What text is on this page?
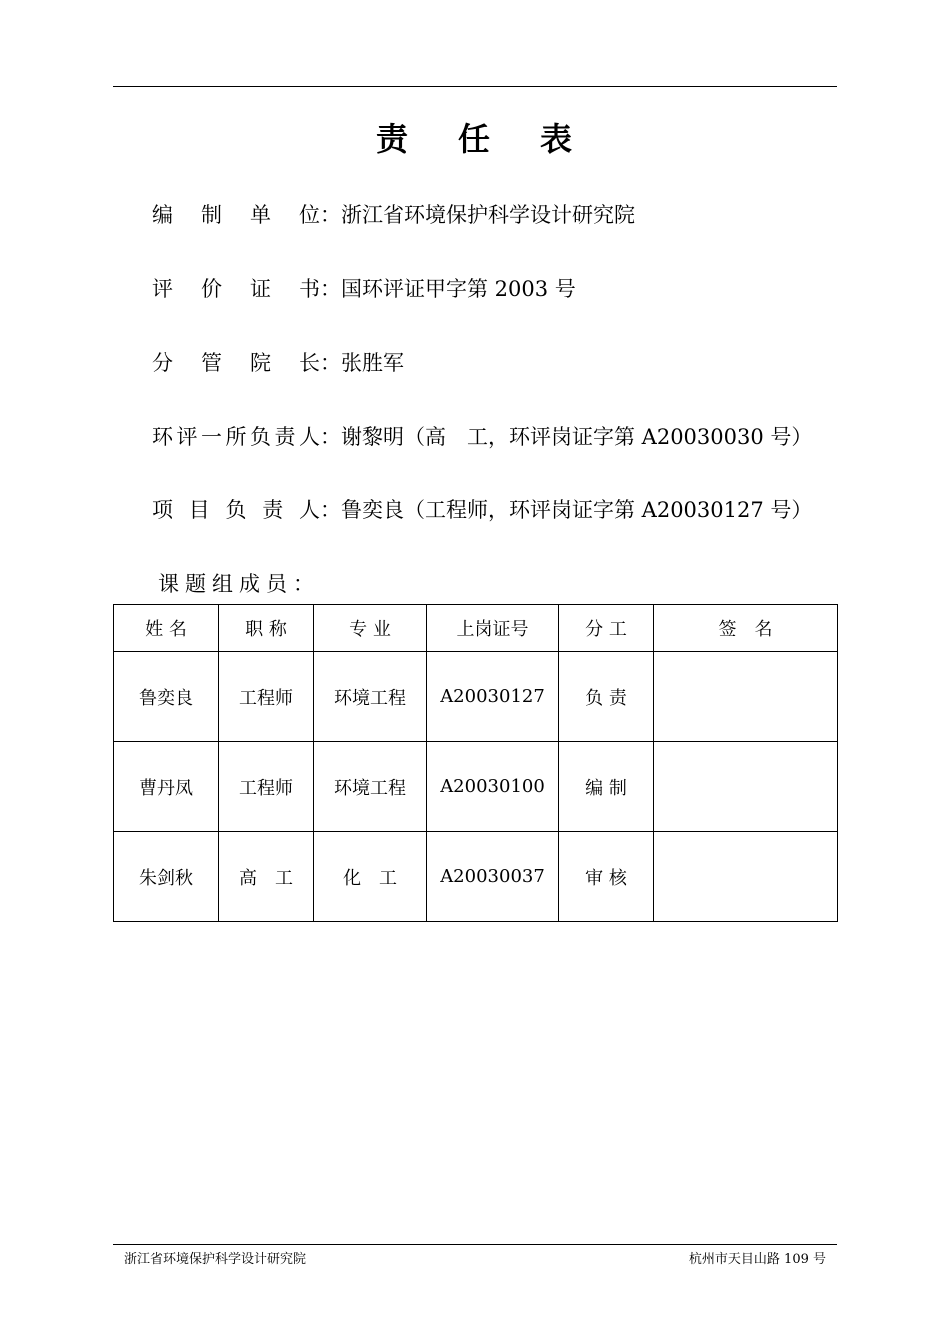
责 任 表
编 制 单 位 ：浙江省环境保护科学设计研究院
评 价 证 书 ：国环评证甲字第 2003 号
分 管 院 长 ：张胜军
环 评 一 所 负 责 人 ：谢黎明（高　工，环评岗证字第 A20030030 号）
项 目 负 责 人 ：鲁奕良（工程师，环评岗证字第 A20030127 号）
课题组成员：
姓 名	职 称	专 业	上岗证号	分 工	签　名
鲁奕良	工程师	环境工程	A20030127	负 责	
曹丹凤	工程师	环境工程	A20030100	编 制	
朱剑秋	高　工	化　工	A20030037	审 核	
浙江省环境保护科学设计研究院	杭州市天目山路 109 号
